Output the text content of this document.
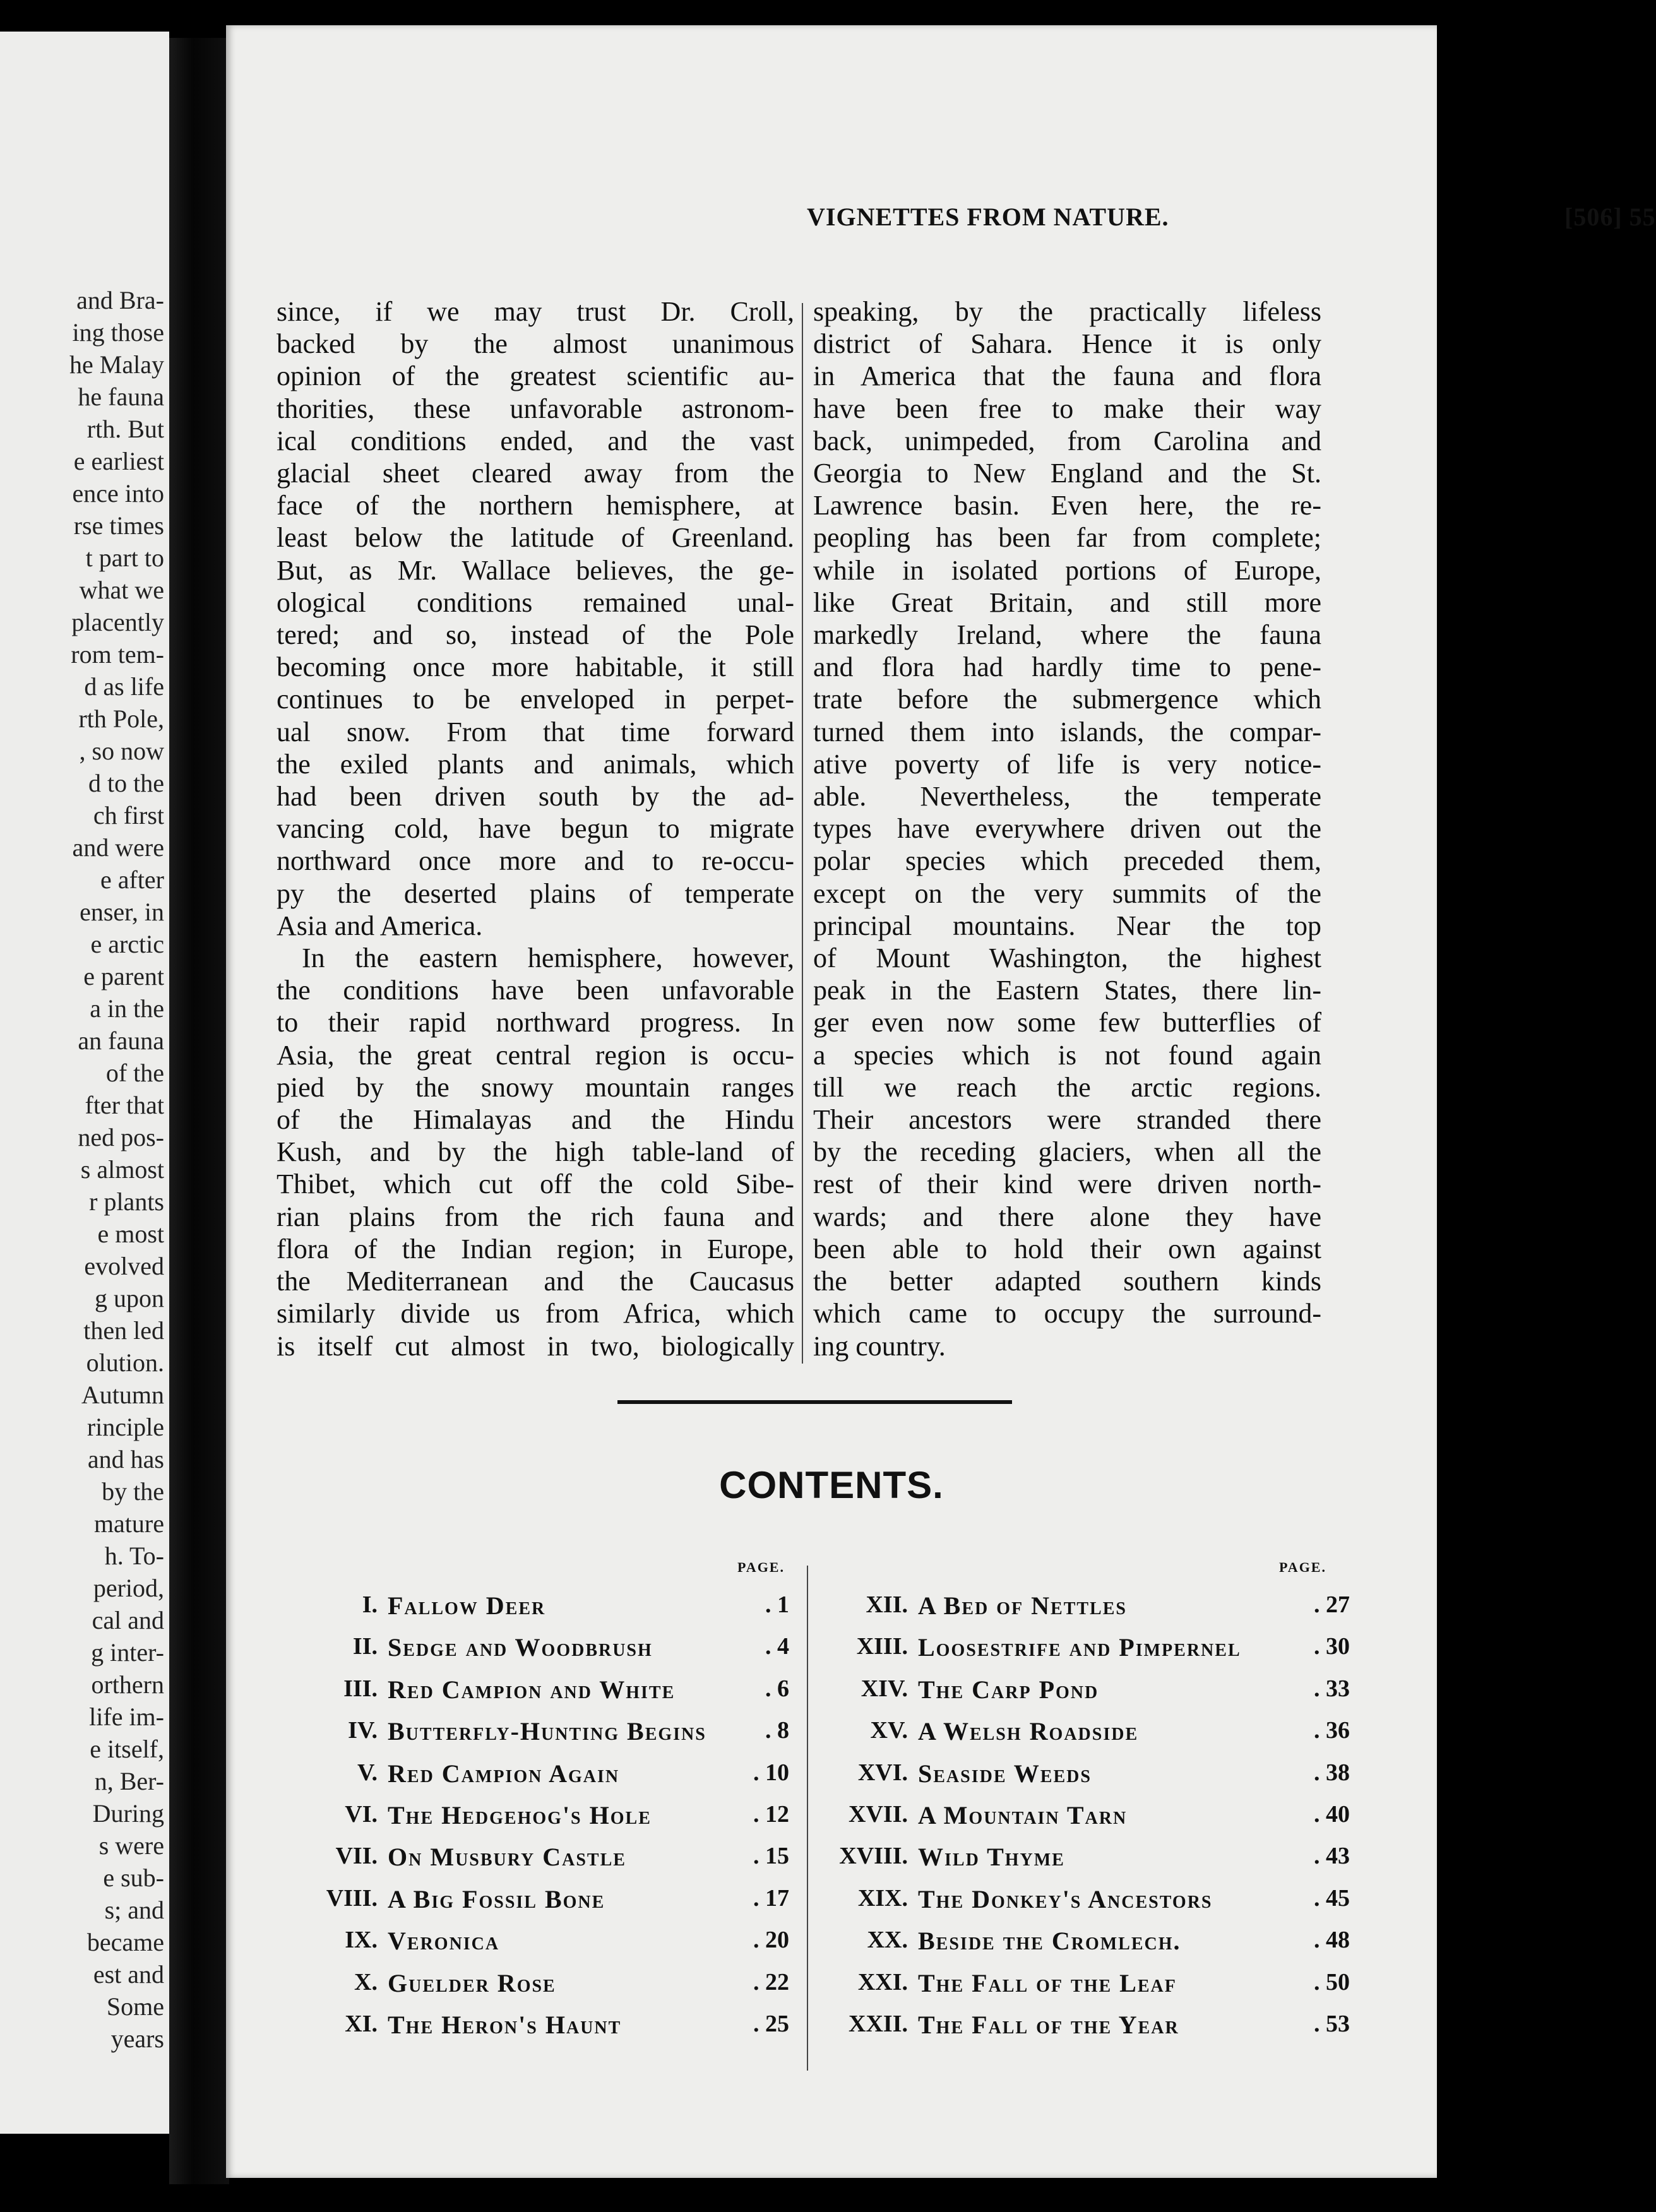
and Bra-
ing those
he Malay
he fauna
rth. But
e earliest
ence into
rse times
t part to
what we
placently
rom tem-
d as life
rth Pole,
, so now
d to the
ch first
and were
e after
enser, in
e arctic
e parent
a in the
an fauna
of the
fter that
ned pos-
s almost
r plants
e most
evolved
g upon
then led
olution.
Autumn
rinciple
and has
by the
mature
h. To-
period,
cal and
g inter-
orthern
life im-
e itself,
n, Ber-
During
s were
e sub-
s; and
became
est and
Some
years
VIGNETTES FROM NATURE.	[506] 55
since, if we may trust Dr. Croll,
backed by the almost unanimous
opinion of the greatest scientific au-
thorities, these unfavorable astronom-
ical conditions ended, and the vast
glacial sheet cleared away from the
face of the northern hemisphere, at
least below the latitude of Greenland.
But, as Mr. Wallace believes, the ge-
ological conditions remained unal-
tered; and so, instead of the Pole
becoming once more habitable, it still
continues to be enveloped in perpet-
ual snow. From that time forward
the exiled plants and animals, which
had been driven south by the ad-
vancing cold, have begun to migrate
northward once more and to re-occu-
py the deserted plains of temperate
Asia and America.
In the eastern hemisphere, however,
the conditions have been unfavorable
to their rapid northward progress. In
Asia, the great central region is occu-
pied by the snowy mountain ranges
of the Himalayas and the Hindu
Kush, and by the high table-land of
Thibet, which cut off the cold Sibe-
rian plains from the rich fauna and
flora of the Indian region; in Europe,
the Mediterranean and the Caucasus
similarly divide us from Africa, which
is itself cut almost in two, biologically
speaking, by the practically lifeless
district of Sahara. Hence it is only
in America that the fauna and flora
have been free to make their way
back, unimpeded, from Carolina and
Georgia to New England and the St.
Lawrence basin. Even here, the re-
peopling has been far from complete;
while in isolated portions of Europe,
like Great Britain, and still more
markedly Ireland, where the fauna
and flora had hardly time to pene-
trate before the submergence which
turned them into islands, the compar-
ative poverty of life is very notice-
able. Nevertheless, the temperate
types have everywhere driven out the
polar species which preceded them,
except on the very summits of the
principal mountains. Near the top
of Mount Washington, the highest
peak in the Eastern States, there lin-
ger even now some few butterflies of
a species which is not found again
till we reach the arctic regions.
Their ancestors were stranded there
by the receding glaciers, when all the
rest of their kind were driven north-
wards; and there alone they have
been able to hold their own against
the better adapted southern kinds
which came to occupy the surround-
ing country.
CONTENTS.
PAGE.	PAGE.
I. Fallow Deer	. 1
II. Sedge and Woodbrush	. 4
III. Red Campion and White	. 6
IV. Butterfly-Hunting Begins . 8
V. Red Campion Again	. 10
VI. The Hedgehog's Hole	. 12
VII. On Musbury Castle	. 15
VIII. A Big Fossil Bone	. 17
IX. Veronica	. 20
X. Guelder Rose	. 22
XI. The Heron's Haunt	. 25
XII. A Bed of Nettles	. 27
XIII. Loosestrife and Pimpernel	. 30
XIV. The Carp Pond	. 33
XV. A Welsh Roadside	. 36
XVI. Seaside Weeds	. 38
XVII. A Mountain Tarn	. 40
XVIII. Wild Thyme	. 43
XIX. The Donkey's Ancestors	. 45
XX. Beside the Cromlech.	. 48
XXI. The Fall of the Leaf	. 50
XXII. The Fall of the Year	. 53
